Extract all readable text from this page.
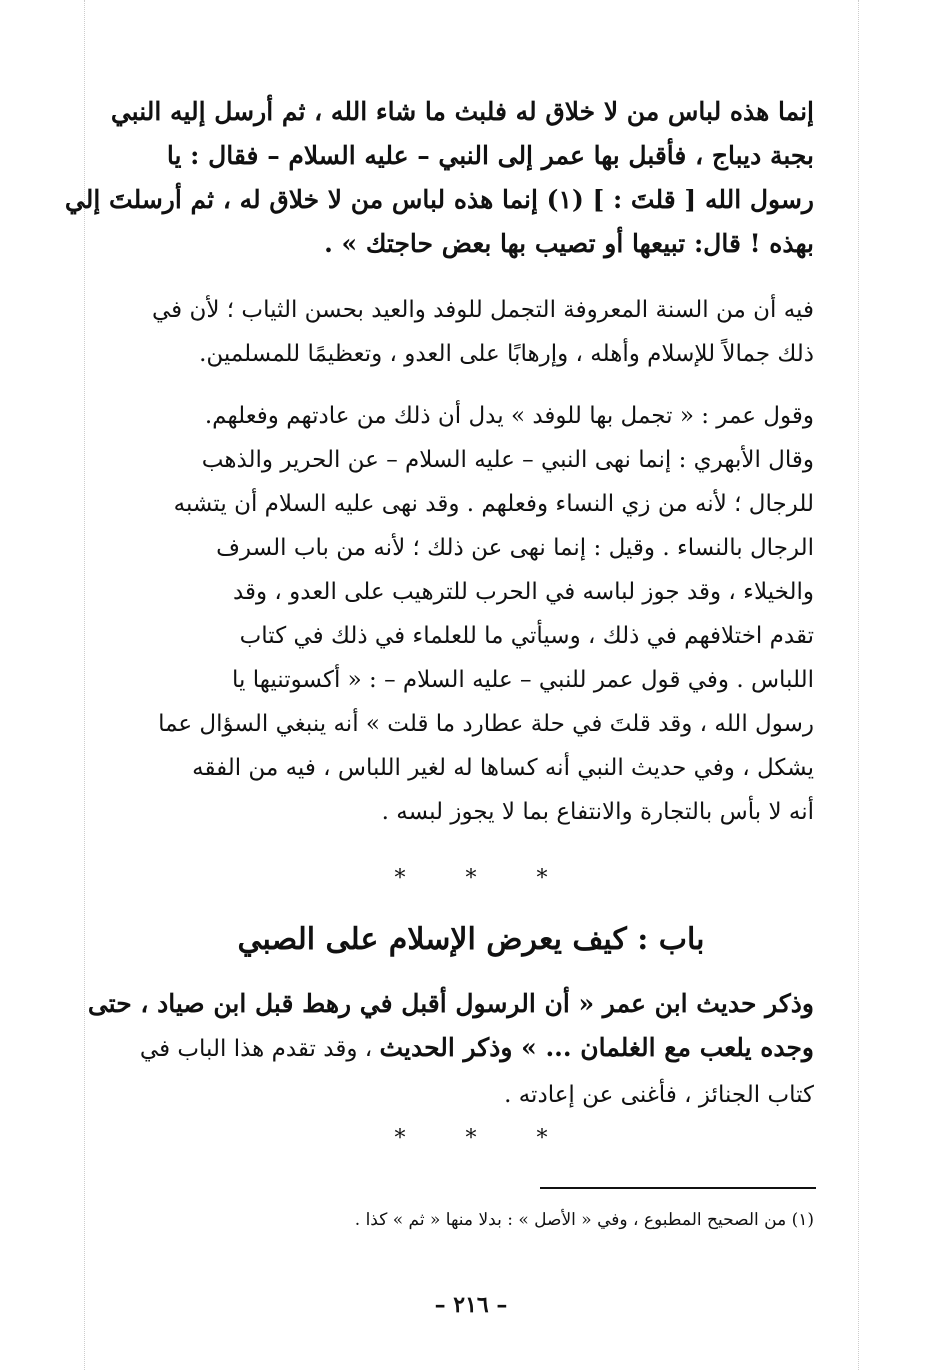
إنما هذه لباس من لا خلاق له فلبث ما شاء الله ، ثم أرسل إليه النبي
بجبة ديباج ، فأقبل بها عمر إلى النبي – عليه السلام – فقال : يا
رسول الله [ قلتَ : ] (١) إنما هذه لباس من لا خلاق له ، ثم أرسلتَ إلي
بهذه ! قال: تبيعها أو تصيب بها بعض حاجتك » .
فيه أن من السنة المعروفة التجمل للوفد والعيد بحسن الثياب ؛ لأن في
ذلك جمالاً للإسلام وأهله ، وإرهابًا على العدو ، وتعظيمًا للمسلمين.
وقول عمر : « تجمل بها للوفد » يدل أن ذلك من عادتهم وفعلهم.
وقال الأبهري : إنما نهى النبي – عليه السلام – عن الحرير والذهب
للرجال ؛ لأنه من زي النساء وفعلهم . وقد نهى عليه السلام أن يتشبه
الرجال بالنساء . وقيل : إنما نهى عن ذلك ؛ لأنه من باب السرف
والخيلاء ، وقد جوز لباسه في الحرب للترهيب على العدو ، وقد
تقدم اختلافهم في ذلك ، وسيأتي ما للعلماء في ذلك في كتاب
اللباس . وفي قول عمر للنبي – عليه السلام – : « أكسوتنيها يا
رسول الله ، وقد قلتَ في حلة عطارد ما قلت » أنه ينبغي السؤال عما
يشكل ، وفي حديث النبي أنه كساها له لغير اللباس ، فيه من الفقه
أنه لا بأس بالتجارة والانتفاع بما لا يجوز لبسه .
***
باب : كيف يعرض الإسلام على الصبي
وذكر حديث ابن عمر « أن الرسول أقبل في رهط قبل ابن صياد ، حتى
وجده يلعب مع الغلمان ... » وذكر الحديث ، وقد تقدم هذا الباب في
كتاب الجنائز ، فأغنى عن إعادته .
***
(١) من الصحيح المطبوع ، وفي « الأصل » : بدلا منها « ثم » كذا .
– ٢١٦ –
